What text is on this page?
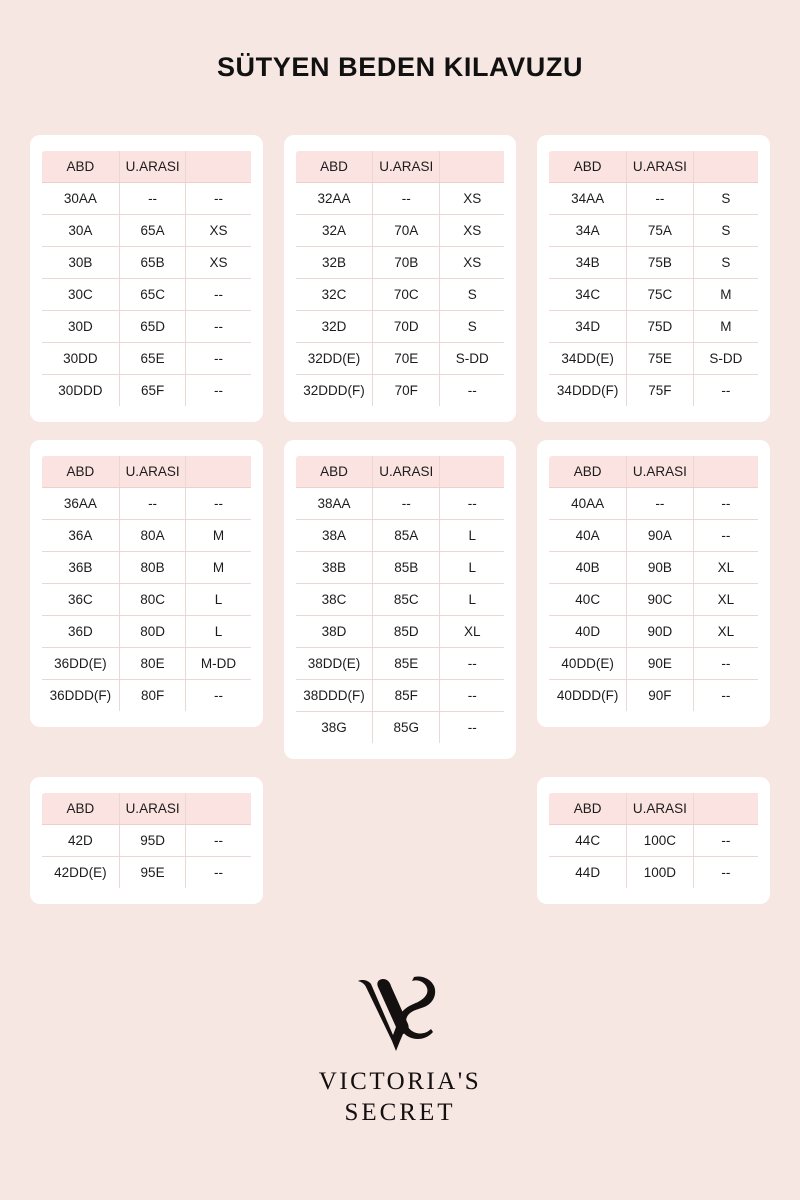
SÜTYEN BEDEN KILAVUZU
ABD	U.ARASI	
30AA	--	--
30A	65A	XS
30B	65B	XS
30C	65C	--
30D	65D	--
30DD	65E	--
30DDD	65F	--
ABD	U.ARASI	
32AA	--	XS
32A	70A	XS
32B	70B	XS
32C	70C	S
32D	70D	S
32DD(E)	70E	S-DD
32DDD(F)	70F	--
ABD	U.ARASI	
34AA	--	S
34A	75A	S
34B	75B	S
34C	75C	M
34D	75D	M
34DD(E)	75E	S-DD
34DDD(F)	75F	--
ABD	U.ARASI	
36AA	--	--
36A	80A	M
36B	80B	M
36C	80C	L
36D	80D	L
36DD(E)	80E	M-DD
36DDD(F)	80F	--
ABD	U.ARASI	
38AA	--	--
38A	85A	L
38B	85B	L
38C	85C	L
38D	85D	XL
38DD(E)	85E	--
38DDD(F)	85F	--
38G	85G	--
ABD	U.ARASI	
40AA	--	--
40A	90A	--
40B	90B	XL
40C	90C	XL
40D	90D	XL
40DD(E)	90E	--
40DDD(F)	90F	--
ABD	U.ARASI	
42D	95D	--
42DD(E)	95E	--
ABD	U.ARASI	
44C	100C	--
44D	100D	--
VICTORIA'S
SECRET
